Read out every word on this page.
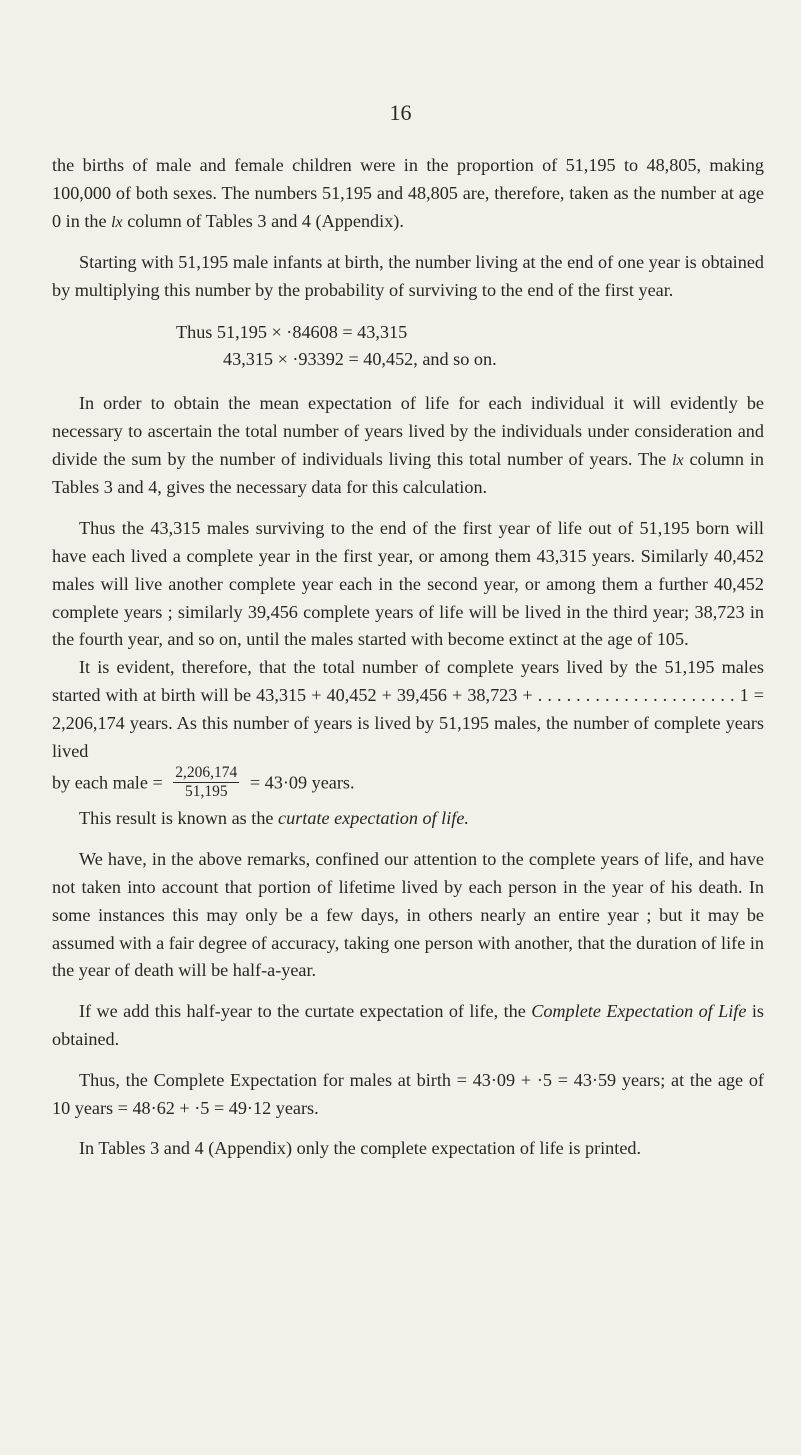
16

the births of male and female children were in the proportion of 51,195 to 48,805, making 100,000 of both sexes. The numbers 51,195 and 48,805 are, therefore, taken as the number at age 0 in the lx column of Tables 3 and 4 (Appendix).

Starting with 51,195 male infants at birth, the number living at the end of one year is obtained by multiplying this number by the probability of surviving to the end of the first year.

Thus 51,195 × ·84608 = 43,315
43,315 × ·93392 = 40,452, and so on.

In order to obtain the mean expectation of life for each individual it will evidently be necessary to ascertain the total number of years lived by the individuals under consideration and divide the sum by the number of individuals living this total number of years. The lx column in Tables 3 and 4, gives the necessary data for this calculation.

Thus the 43,315 males surviving to the end of the first year of life out of 51,195 born will have each lived a complete year in the first year, or among them 43,315 years. Similarly 40,452 males will live another complete year each in the second year, or among them a further 40,452 complete years ; similarly 39,456 complete years of life will be lived in the third year; 38,723 in the fourth year, and so on, until the males started with become extinct at the age of 105.

It is evident, therefore, that the total number of complete years lived by the 51,195 males started with at birth will be 43,315 + 40,452 + 39,456 + 38,723 + . . . . . . . . . . . . . . . . . . . . . 1 = 2,206,174 years. As this number of years is lived by 51,195 males, the number of complete years lived

by each male = $\frac{2,206,174}{51,195} = 43\cdot 09$ years.

This result is known as the curtate expectation of life.

We have, in the above remarks, confined our attention to the complete years of life, and have not taken into account that portion of lifetime lived by each person in the year of his death. In some instances this may only be a few days, in others nearly an entire year ; but it may be assumed with a fair degree of accuracy, taking one person with another, that the duration of life in the year of death will be half-a-year.

If we add this half-year to the curtate expectation of life, the Complete Expectation of Life is obtained.

Thus, the Complete Expectation for males at birth = 43·09 + ·5 = 43·59 years; at the age of 10 years = 48·62 + ·5 = 49·12 years.

In Tables 3 and 4 (Appendix) only the complete expectation of life is printed.
